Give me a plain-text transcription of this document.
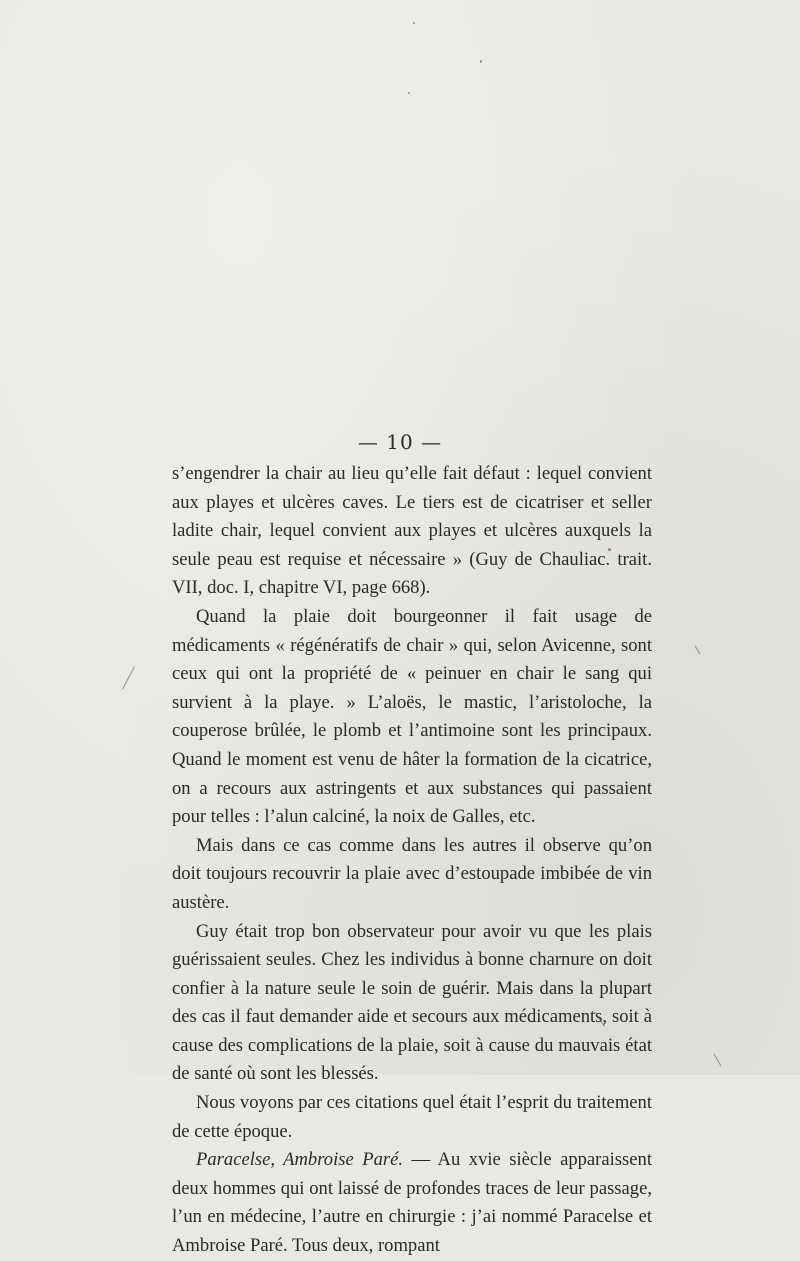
— 10 —

s’engendrer la chair au lieu qu’elle fait défaut : lequel convient aux playes et ulcères caves. Le tiers est de cicatriser et seller ladite chair, lequel convient aux playes et ulcères auxquels la seule peau est requise et nécessaire » (Guy de Chauliac. trait. VII, doc. I, chapitre VI, page 668).

Quand la plaie doit bourgeonner il fait usage de médicaments « régénératifs de chair » qui, selon Avicenne, sont ceux qui ont la propriété de « peinuer en chair le sang qui survient à la playe. » L’aloës, le mastic, l’aristoloche, la couperose brûlée, le plomb et l’antimoine sont les principaux. Quand le moment est venu de hâter la formation de la cicatrice, on a recours aux astringents et aux substances qui passaient pour telles : l’alun calciné, la noix de Galles, etc.

Mais dans ce cas comme dans les autres il observe qu’on doit toujours recouvrir la plaie avec d’estoupade imbibée de vin austère.

Guy était trop bon observateur pour avoir vu que les plais guérissaient seules. Chez les individus à bonne charnure on doit confier à la nature seule le soin de guérir. Mais dans la plupart des cas il faut demander aide et secours aux médicaments, soit à cause des complications de la plaie, soit à cause du mauvais état de santé où sont les blessés.

Nous voyons par ces citations quel était l’esprit du traitement de cette époque.

Paracelse, Ambroise Paré. — Au xvie siècle apparaissent deux hommes qui ont laissé de profondes traces de leur passage, l’un en médecine, l’autre en chirurgie : j’ai nommé Paracelse et Ambroise Paré. Tous deux, rompant
